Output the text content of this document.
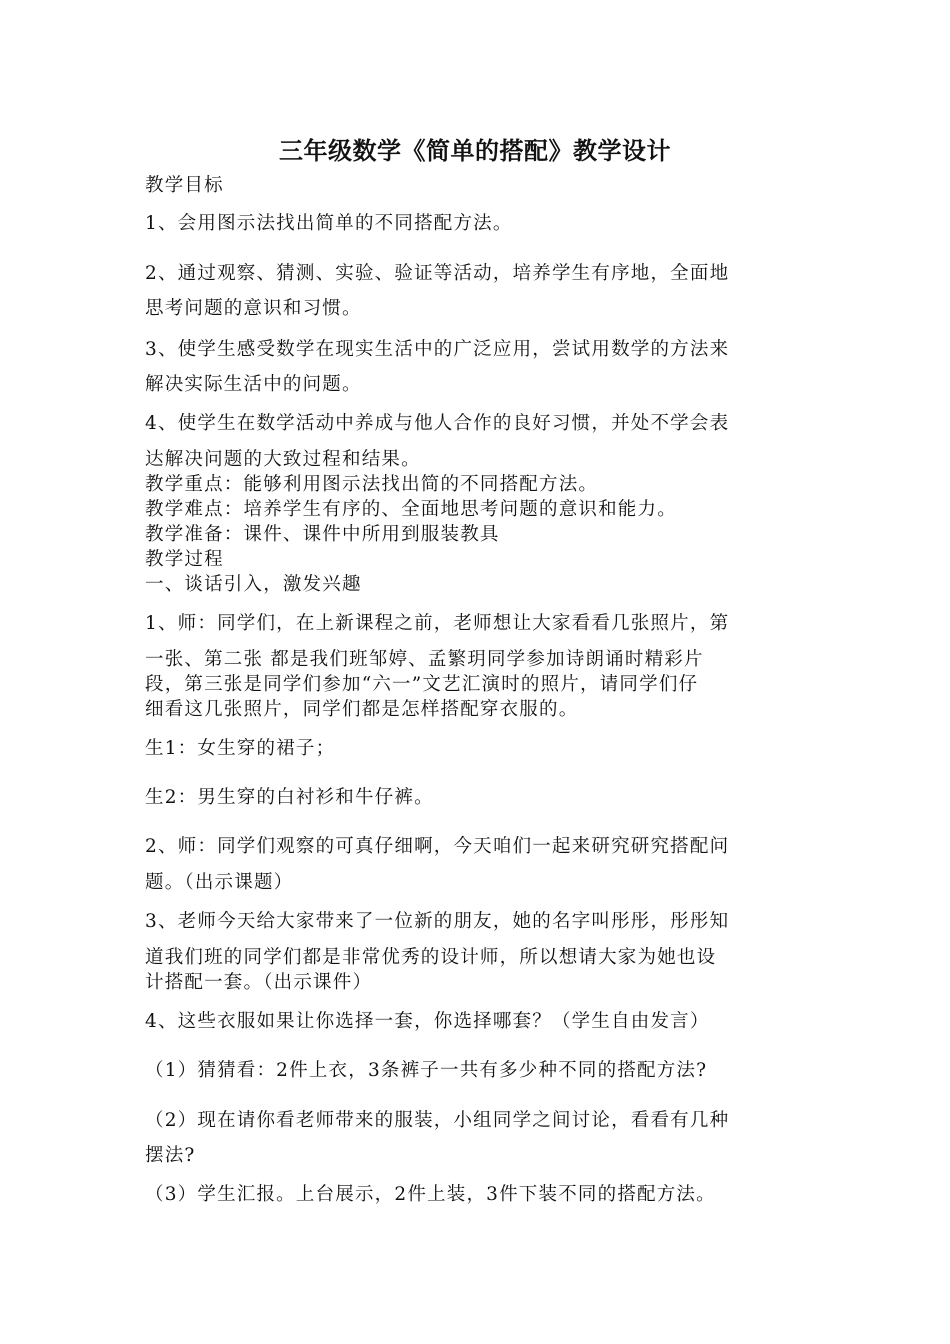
三年级数学《简单的搭配》教学设计
教学目标
1、会用图示法找出简单的不同搭配方法。
2、通过观察、猜测、实验、验证等活动，培养学生有序地，全面地
思考问题的意识和习惯。
3、使学生感受数学在现实生活中的广泛应用，尝试用数学的方法来
解决实际生活中的问题。
4、使学生在数学活动中养成与他人合作的良好习惯，并处不学会表
达解决问题的大致过程和结果。
教学重点：能够利用图示法找出简的不同搭配方法。
教学难点：培养学生有序的、全面地思考问题的意识和能力。
教学准备：课件、课件中所用到服装教具
教学过程
一、谈话引入，激发兴趣
1、师：同学们，在上新课程之前，老师想让大家看看几张照片，第
一张、第二张 都是我们班邹婷、孟繁玥同学参加诗朗诵时精彩片
段，第三张是同学们参加“六一”文艺汇演时的照片，请同学们仔
细看这几张照片，同学们都是怎样搭配穿衣服的。
生1：女生穿的裙子；
生2：男生穿的白衬衫和牛仔裤。
2、师：同学们观察的可真仔细啊，今天咱们一起来研究研究搭配问
题。（出示课题）
3、老师今天给大家带来了一位新的朋友，她的名字叫彤彤，彤彤知
道我们班的同学们都是非常优秀的设计师，所以想请大家为她也设
计搭配一套。（出示课件）
4、这些衣服如果让你选择一套，你选择哪套？（学生自由发言）
（1）猜猜看：2件上衣，3条裤子一共有多少种不同的搭配方法?
（2）现在请你看老师带来的服装，小组同学之间讨论，看看有几种
摆法?
（3）学生汇报。上台展示，2件上装，3件下装不同的搭配方法。
